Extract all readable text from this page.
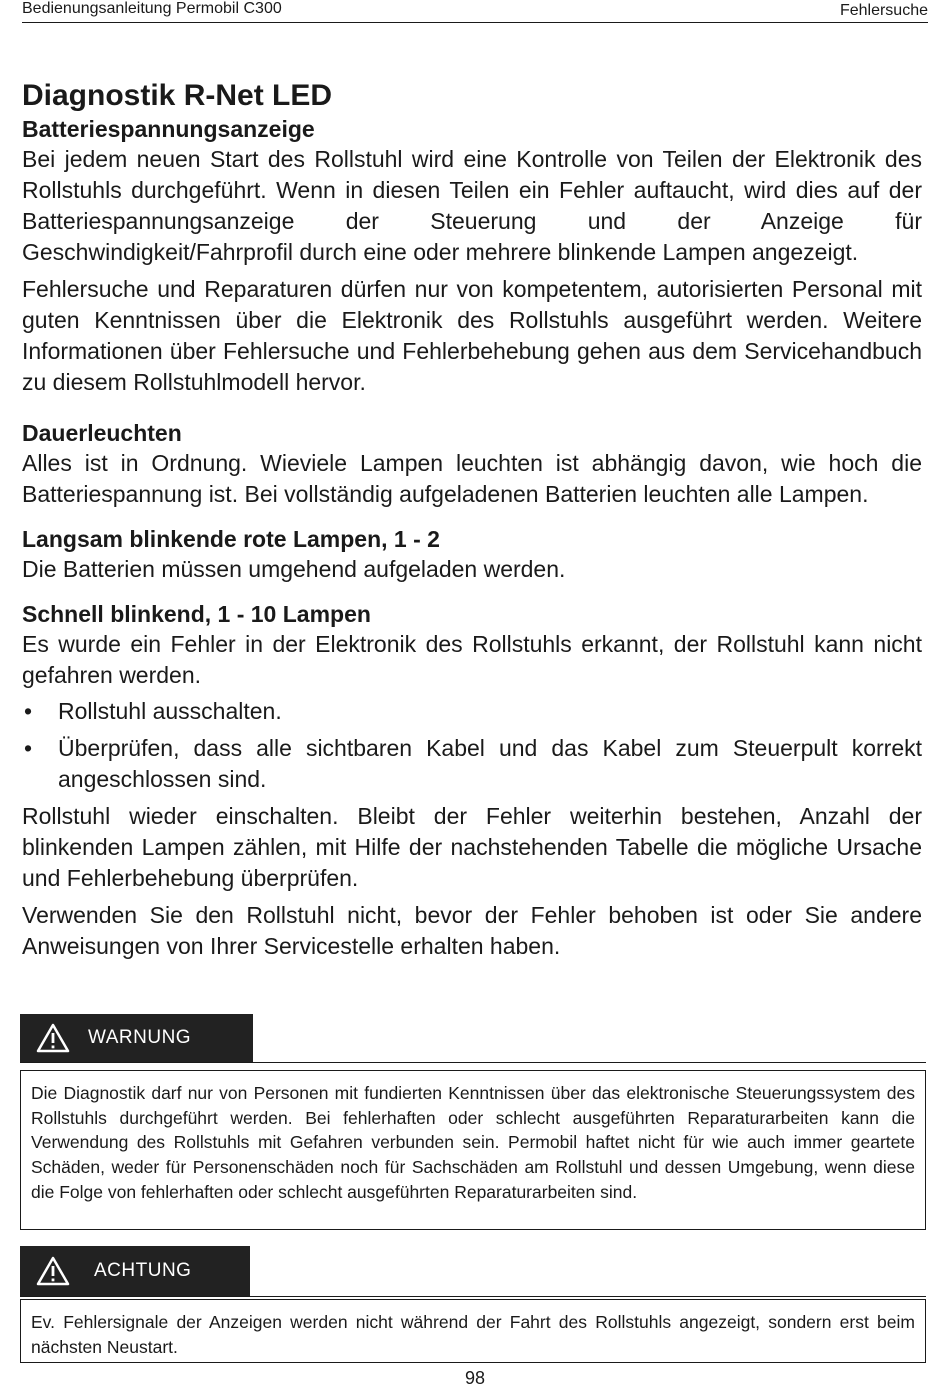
Bedienungsanleitung Permobil C300	Fehlersuche
Diagnostik R-Net LED
Batteriespannungsanzeige

Bei jedem neuen Start des Rollstuhl wird eine Kontrolle von Teilen der Elektronik des Rollstuhls durchgeführt. Wenn in diesen Teilen ein Fehler auftaucht, wird dies auf der Batteriespannungsanzeige der Steuerung und der Anzeige für Geschwindigkeit/Fahrprofil durch eine oder mehrere blinkende Lampen angezeigt.

Fehlersuche und Reparaturen dürfen nur von kompetentem, autorisierten Personal mit guten Kenntnissen über die Elektronik des Rollstuhls ausgeführt werden. Weitere Informationen über Fehlersuche und Fehlerbehebung gehen aus dem Servicehandbuch zu diesem Rollstuhlmodell hervor.

Dauerleuchten

Alles ist in Ordnung. Wieviele Lampen leuchten ist abhängig davon, wie hoch die Batteriespannung ist. Bei vollständig aufgeladenen Batterien leuchten alle Lampen.

Langsam blinkende rote Lampen, 1 - 2

Die Batterien müssen umgehend aufgeladen werden.

Schnell blinkend, 1 - 10 Lampen

Es wurde ein Fehler in der Elektronik des Rollstuhls erkannt, der Rollstuhl kann nicht gefahren werden.

• Rollstuhl ausschalten.
• Überprüfen, dass alle sichtbaren Kabel und das Kabel zum Steuerpult korrekt angeschlossen sind.

Rollstuhl wieder einschalten. Bleibt der Fehler weiterhin bestehen, Anzahl der blinkenden Lampen zählen, mit Hilfe der nachstehenden Tabelle die mögliche Ursache und Fehlerbehebung überprüfen.

Verwenden Sie den Rollstuhl nicht, bevor der Fehler behoben ist oder Sie andere Anweisungen von Ihrer Servicestelle erhalten haben.

WARNUNG
Die Diagnostik darf nur von Personen mit fundierten Kenntnissen über das elektronische Steuerungssystem des Rollstuhls durchgeführt werden. Bei fehlerhaften oder schlecht ausgeführten Reparaturarbeiten kann die Verwendung des Rollstuhls mit Gefahren verbunden sein. Permobil haftet nicht für wie auch immer geartete Schäden, weder für Personenschäden noch für Sachschäden am Rollstuhl und dessen Umgebung, wenn diese die Folge von fehlerhaften oder schlecht ausgeführten Reparaturarbeiten sind.
ACHTUNG
Ev. Fehlersignale der Anzeigen werden nicht während der Fahrt des Rollstuhls angezeigt, sondern erst beim nächsten Neustart.
98
